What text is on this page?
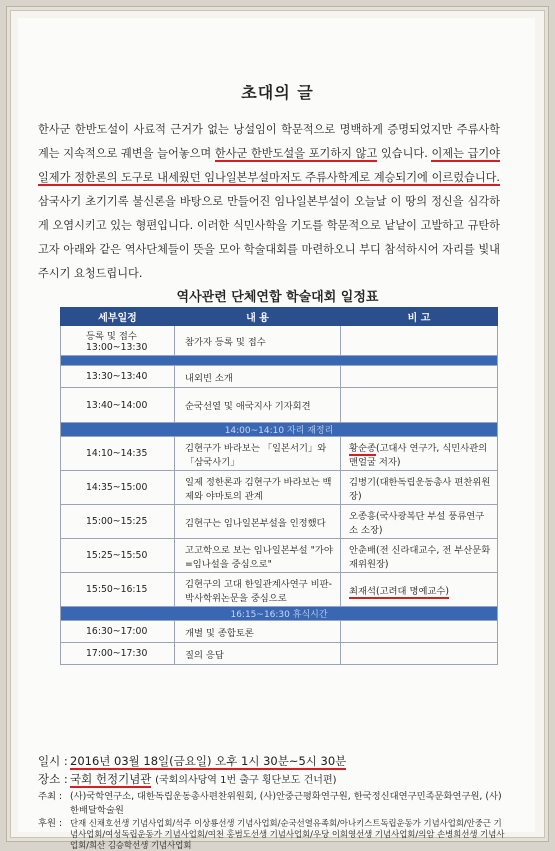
초대의 글
한사군 한반도설이 사료적 근거가 없는 낭설임이 학문적으로 명백하게 증명되었지만 주류사학계는 지속적으로 궤변을 늘어놓으며 한사군 한반도설을 포기하지 않고 있습니다. 이제는 급기야 일제가 정한론의 도구로 내세웠던 임나일본부설마저도 주류사학계로 계승되기에 이르렀습니다. 삼국사기 초기기록 불신론을 바탕으로 만들어진 임나일본부설이 오늘날 이 땅의 정신을 심각하게 오염시키고 있는 형편입니다. 이러한 식민사학을 기도를 학문적으로 낱낱이 고발하고 규탄하고자 아래와 같은 역사단체들이 뜻을 모아 학술대회를 마련하오니 부디 참석하시어 자리를 빛내주시기 요청드립니다.
역사관련 단체연합 학술대회 일정표
세부일정	내 용	비 고
등록 및 접수 13:00~13:30	참가자 등록 및 접수	

13:30~13:40	내외빈 소개	
13:40~14:00	순국선열 및 애국지사 기자회견	
14:00~14:10 자리 재정리		
14:10~14:35	김현구가 바라보는 「일본서기」와 「삼국사기」	황순종(고대사 연구가, 식민사관의 맨얼굴 저자)
14:35~15:00	일제 정한론과 김현구가 바라보는 백제와 야마토의 관계	김병기(대한독립운동총사 편찬위원장)
15:00~15:25	김현구는 임나일본부설을 인정했다	오종흥(국사광복단 부설 풍류연구소 소장)
15:25~15:50	고고학으로 보는 임나일본부설 "가야=임나설을 중심으로"	안춘배(전 신라대교수, 전 부산문화재위원장)
15:50~16:15	김현구의 고대 한일관계사연구 비판-박사학위논문을 중심으로	최재석(고려대 명예교수)
16:15~16:30 휴식시간		
16:30~17:00	개별 및 종합토론	
17:00~17:30	질의 응답	
일시 : 2016년 03월 18일(금요일) 오후 1시 30분~5시 30분
장소 : 국회 헌정기념관 (국회의사당역 1번 출구 횡단보도 건너편)
주최 : (사)국학연구소, 대한독립운동총사편찬위원회, (사)안중근평화연구원, 한국정신대연구민족문화연구원, (사)한배달학술원
후원 : 단재 신채호선생 기념사업회/석주 이상룡선생 기념사업회/순국선열유족회/아나키스트독립운동가 기념사업회/안중근 기념사업회/여성독립운동가 기념사업회/여천 홍범도선생 기념사업회/우당 이회영선생 기념사업회/의암 손병희선생 기념사업회/희산 김승학선생 기념사업회
